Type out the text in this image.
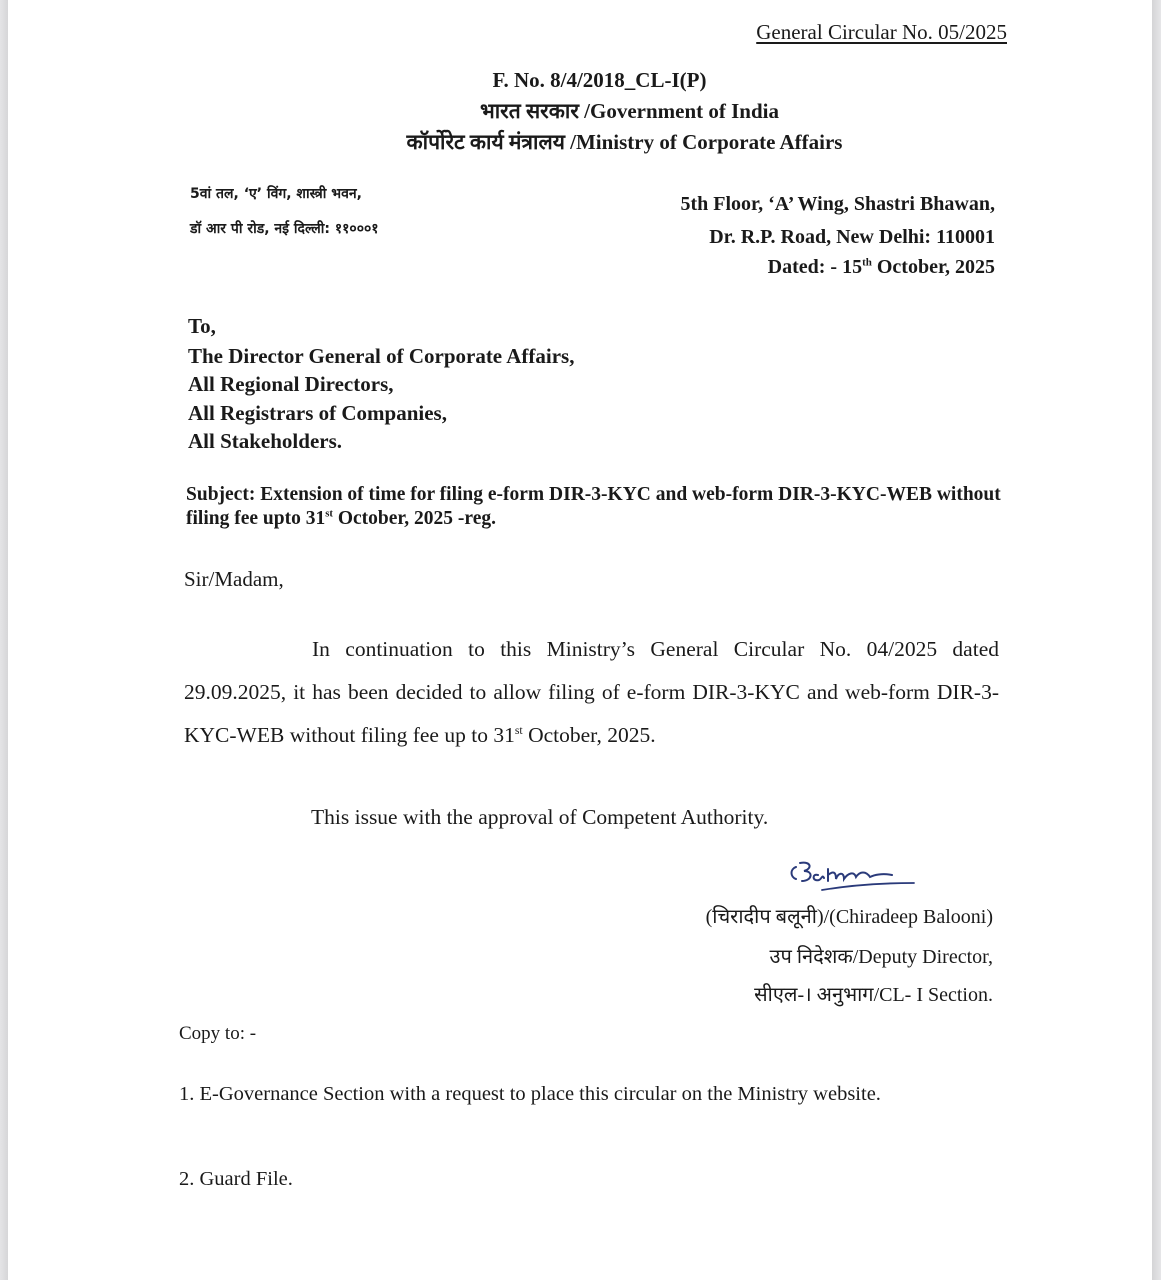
General Circular No. 05/2025
F. No. 8/4/2018_CL-I(P)
भारत सरकार /Government of India
कॉर्पोरेट कार्य मंत्रालय /Ministry of Corporate Affairs
5वां तल, ‘ए’ विंग, शास्त्री भवन,
डॉ आर पी रोड, नई दिल्ली: ११०००१
5th Floor, ‘A’ Wing, Shastri Bhawan,
Dr. R.P. Road, New Delhi: 110001
Dated: - 15th October, 2025
To,
The Director General of Corporate Affairs,
All Regional Directors,
All Registrars of Companies,
All Stakeholders.
Subject: Extension of time for filing e-form DIR-3-KYC and web-form DIR-3-KYC-WEB without filing fee upto 31st October, 2025 -reg.
Sir/Madam,
In continuation to this Ministry’s General Circular No. 04/2025 dated 29.09.2025, it has been decided to allow filing of e-form DIR-3-KYC and web-form DIR-3-KYC-WEB without filing fee up to 31st October, 2025.
This issue with the approval of Competent Authority.
(चिरादीप बलूनी)/(Chiradeep Balooni)
उप निदेशक/Deputy Director,
सीएल-। अनुभाग/CL- I Section.
Copy to: -
1. E-Governance Section with a request to place this circular on the Ministry website.
2. Guard File.
